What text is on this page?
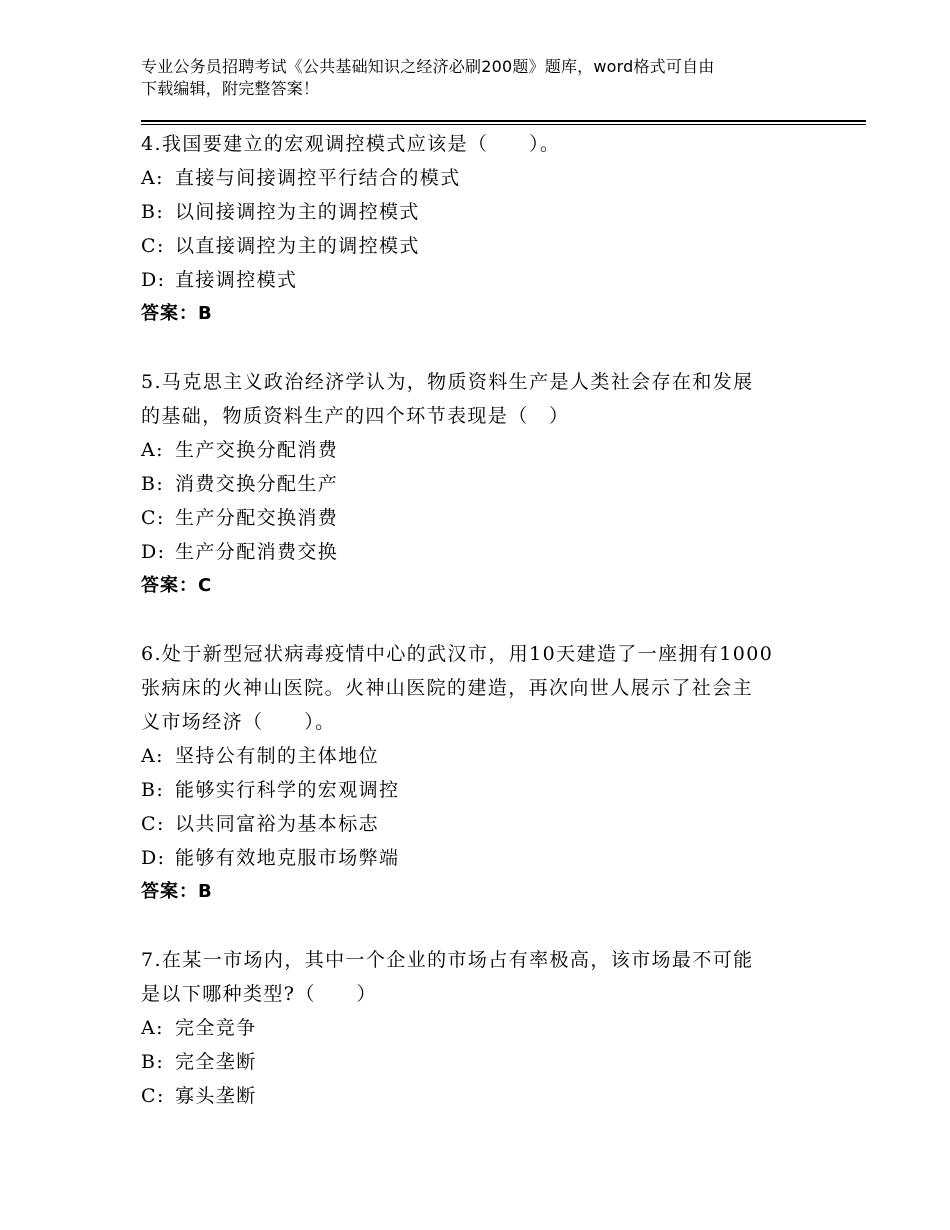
专业公务员招聘考试《公共基础知识之经济必刷200题》题库，word格式可自由
下载编辑，附完整答案！
4.我国要建立的宏观调控模式应该是（　　）。
A: 直接与间接调控平行结合的模式
B: 以间接调控为主的调控模式
C: 以直接调控为主的调控模式
D: 直接调控模式
答案：B
5.马克思主义政治经济学认为，物质资料生产是人类社会存在和发展
的基础，物质资料生产的四个环节表现是（　）
A: 生产交换分配消费
B: 消费交换分配生产
C: 生产分配交换消费
D: 生产分配消费交换
答案：C
6.处于新型冠状病毒疫情中心的武汉市，用10天建造了一座拥有1000
张病床的火神山医院。火神山医院的建造，再次向世人展示了社会主
义市场经济（　　）。
A: 坚持公有制的主体地位
B: 能够实行科学的宏观调控
C: 以共同富裕为基本标志
D: 能够有效地克服市场弊端
答案：B
7.在某一市场内，其中一个企业的市场占有率极高，该市场最不可能
是以下哪种类型?（　　）
A: 完全竞争
B: 完全垄断
C: 寡头垄断
